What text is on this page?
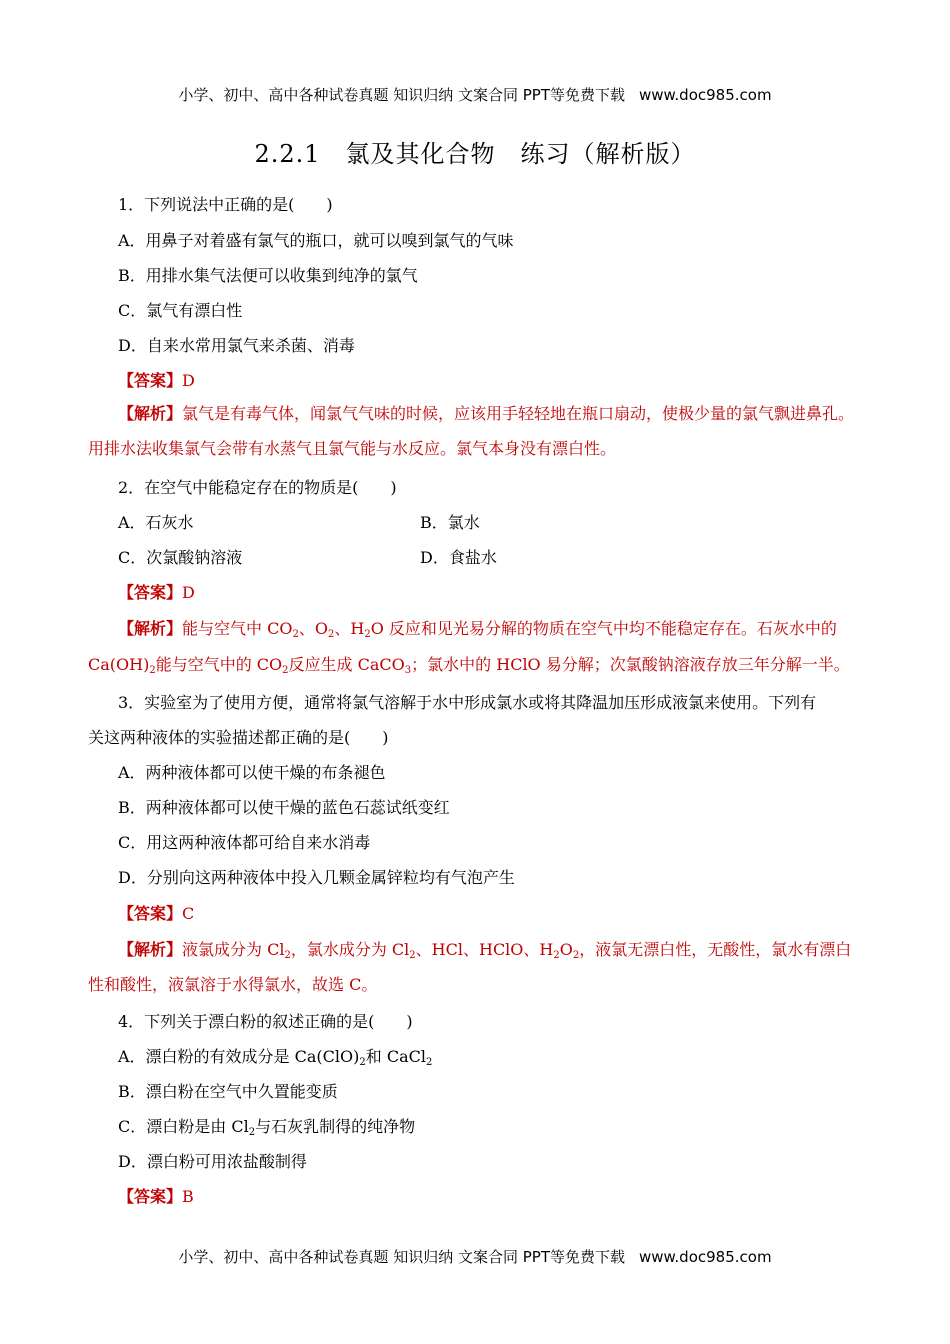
小学、初中、高中各种试卷真题 知识归纳 文案合同 PPT等免费下载 www.doc985.com
2.2.1　氯及其化合物　练习（解析版）
1．下列说法中正确的是(　　)
A．用鼻子对着盛有氯气的瓶口，就可以嗅到氯气的气味
B．用排水集气法便可以收集到纯净的氯气
C．氯气有漂白性
D．自来水常用氯气来杀菌、消毒
【答案】D
【解析】氯气是有毒气体，闻氯气气味的时候，应该用手轻轻地在瓶口扇动，使极少量的氯气飘进鼻孔。用排水法收集氯气会带有水蒸气且氯气能与水反应。氯气本身没有漂白性。
2．在空气中能稳定存在的物质是(　　)
A．石灰水	B．氯水
C．次氯酸钠溶液	D．食盐水
【答案】D
【解析】能与空气中 $CO_2$、$O_2$、$H_2O$ 反应和见光易分解的物质在空气中均不能稳定存在。石灰水中的
$Ca(OH)_2$能与空气中的 $CO_2$反应生成 CaCO$_3$；氯水中的 HClO 易分解；次氯酸钠溶液存放三年分解一半。
3．实验室为了使用方便，通常将氯气溶解于水中形成氯水或将其降温加压形成液氯来使用。下列有
关这两种液体的实验描述都正确的是(　　)
A．两种液体都可以使干燥的布条褪色
B．两种液体都可以使干燥的蓝色石蕊试纸变红
C．用这两种液体都可给自来水消毒
D．分别向这两种液体中投入几颗金属锌粒均有气泡产生
【答案】C
【解析】液氯成分为 $Cl_2$，氯水成分为 $Cl_2$、HCl、HClO、$H_2O_2$，液氯无漂白性，无酸性，氯水有漂白
性和酸性，液氯溶于水得氯水，故选 C。
4．下列关于漂白粉的叙述正确的是(　　)
A．漂白粉的有效成分是 $Ca(ClO)_2$和 CaCl$_2$
B．漂白粉在空气中久置能变质
C．漂白粉是由 $Cl_2$与石灰乳制得的纯净物
D．漂白粉可用浓盐酸制得
【答案】B
小学、初中、高中各种试卷真题 知识归纳 文案合同 PPT等免费下载 www.doc985.com
